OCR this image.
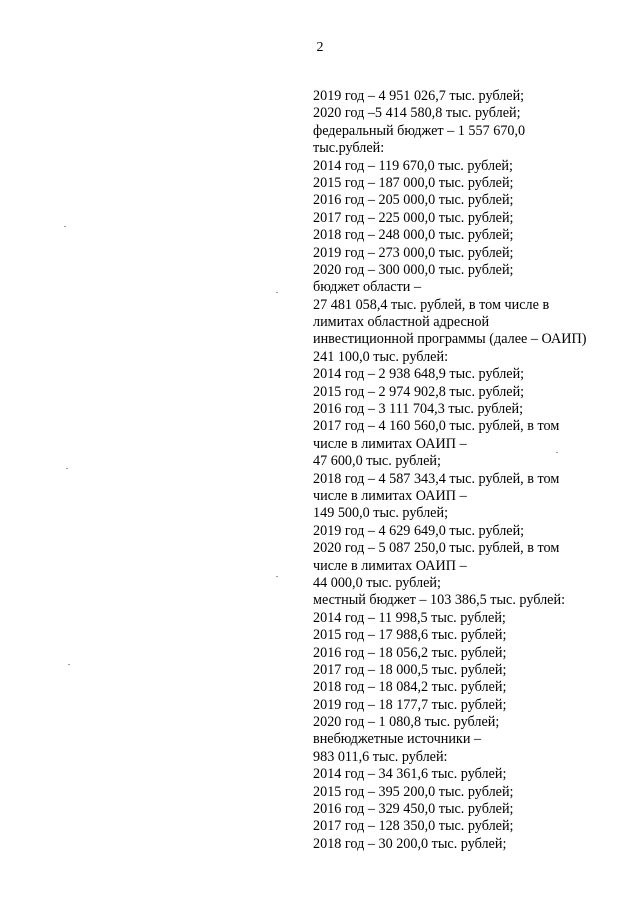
2
2019 год – 4 951 026,7 тыс. рублей;
2020 год –5 414 580,8 тыс. рублей;
федеральный бюджет – 1 557 670,0
тыс.рублей:
2014 год – 119 670,0 тыс. рублей;
2015 год – 187 000,0 тыс. рублей;
2016 год – 205 000,0 тыс. рублей;
2017 год – 225 000,0 тыс. рублей;
2018 год – 248 000,0 тыс. рублей;
2019 год – 273 000,0 тыс. рублей;
2020 год – 300 000,0 тыс. рублей;
бюджет области –
27 481 058,4 тыс. рублей, в том числе в
лимитах областной адресной
инвестиционной программы (далее – ОАИП)
241 100,0 тыс. рублей:
2014 год – 2 938 648,9 тыс. рублей;
2015 год – 2 974 902,8 тыс. рублей;
2016 год – 3 111 704,3 тыс. рублей;
2017 год – 4 160 560,0 тыс. рублей, в том
числе в лимитах ОАИП –
47 600,0 тыс. рублей;
2018 год – 4 587 343,4 тыс. рублей, в том
числе в лимитах ОАИП –
149 500,0 тыс. рублей;
2019 год – 4 629 649,0 тыс. рублей;
2020 год – 5 087 250,0 тыс. рублей, в том
числе в лимитах ОАИП –
44 000,0 тыс. рублей;
местный бюджет – 103 386,5 тыс. рублей:
2014 год – 11 998,5 тыс. рублей;
2015 год – 17 988,6 тыс. рублей;
2016 год – 18 056,2 тыс. рублей;
2017 год – 18 000,5 тыс. рублей;
2018 год – 18 084,2 тыс. рублей;
2019 год – 18 177,7 тыс. рублей;
2020 год – 1 080,8 тыс. рублей;
внебюджетные источники –
983 011,6 тыс. рублей:
2014 год – 34 361,6 тыс. рублей;
2015 год – 395 200,0 тыс. рублей;
2016 год – 329 450,0 тыс. рублей;
2017 год – 128 350,0 тыс. рублей;
2018 год – 30 200,0 тыс. рублей;
